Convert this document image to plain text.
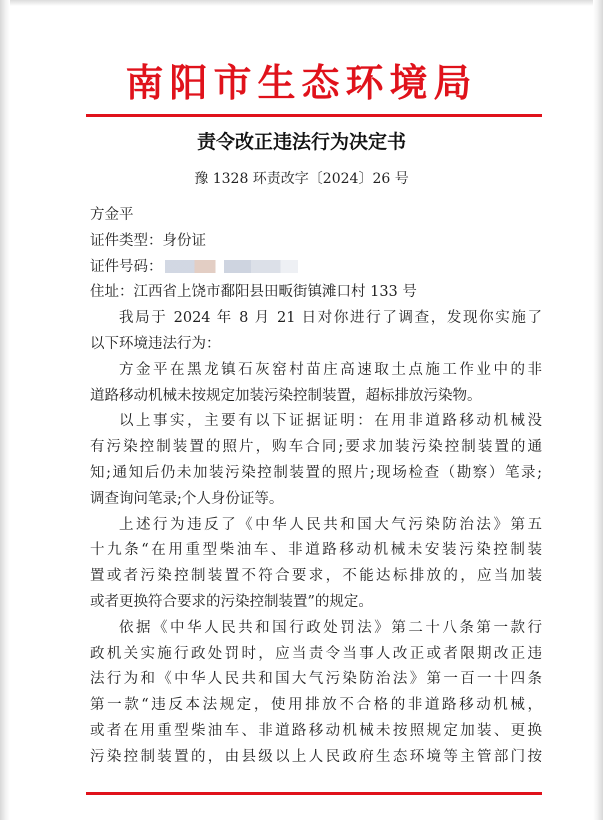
南阳市生态环境局
责令改正违法行为决定书
豫 1328 环责改字〔2024〕26 号
方金平
证件类型：身份证
证件号码：
住址：江西省上饶市鄱阳县田畈街镇滩口村 133 号
我局于 2024 年 8 月 21 日对你进行了调查，发现你实施了
以下环境违法行为：
方金平在黑龙镇石灰窑村苗庄高速取土点施工作业中的非
道路移动机械未按规定加装污染控制装置，超标排放污染物。
以上事实，主要有以下证据证明：在用非道路移动机械没
有污染控制装置的照片，购车合同;要求加装污染控制装置的通
知;通知后仍未加装污染控制装置的照片;现场检查（勘察）笔录;
调查询问笔录;个人身份证等。
上述行为违反了《中华人民共和国大气污染防治法》第五
十九条“在用重型柴油车、非道路移动机械未安装污染控制装
置或者污染控制装置不符合要求，不能达标排放的，应当加装
或者更换符合要求的污染控制装置”的规定。
依据《中华人民共和国行政处罚法》第二十八条第一款行
政机关实施行政处罚时，应当责令当事人改正或者限期改正违
法行为和《中华人民共和国大气污染防治法》第一百一十四条
第一款“违反本法规定，使用排放不合格的非道路移动机械，
或者在用重型柴油车、非道路移动机械未按照规定加装、更换
污染控制装置的，由县级以上人民政府生态环境等主管部门按
